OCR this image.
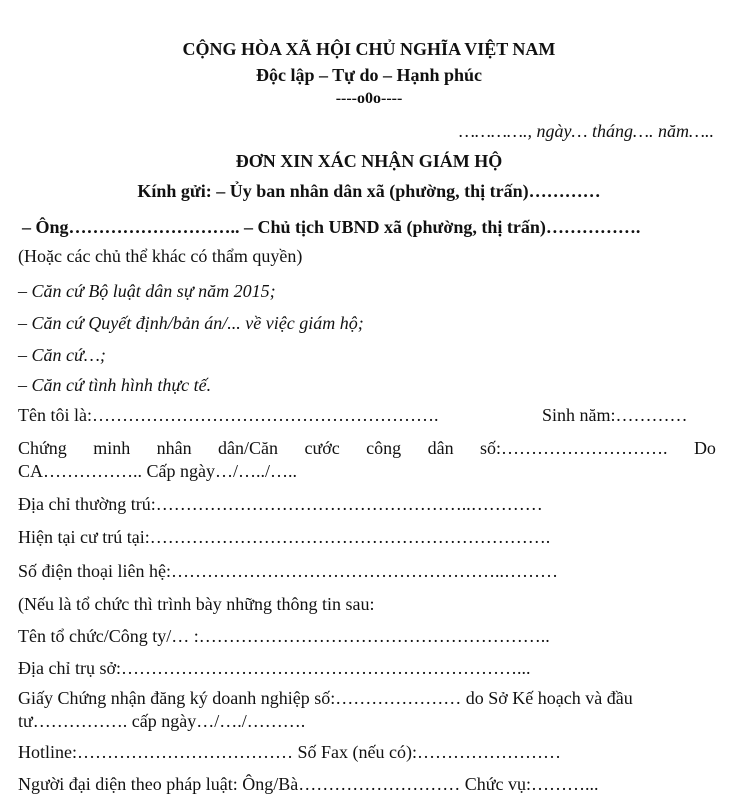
CỘNG HÒA XÃ HỘI CHỦ NGHĨA VIỆT NAM
Độc lập – Tự do – Hạnh phúc
----o0o----
…………., ngày… tháng…. năm…..
ĐƠN XIN XÁC NHẬN GIÁM HỘ
Kính gửi: – Ủy ban nhân dân xã (phường, thị trấn)…………
– Ông……………………….. – Chủ tịch UBND xã (phường, thị trấn)…………….
(Hoặc các chủ thể khác có thẩm quyền)
– Căn cứ Bộ luật dân sự năm 2015;
– Căn cứ Quyết định/bản án/... về việc giám hộ;
– Căn cứ…;
– Căn cứ tình hình thực tế.
Tên tôi là:………………………………………………….	Sinh năm:…………
Chứng minh nhân dân/Căn cước công dân số:………………………. Do
CA…………….. Cấp ngày…/…../…..
Địa chỉ thường trú:……………………………………………..…………
Hiện tại cư trú tại:………………………………………………………….
Số điện thoại liên hệ:………………………………………………..………
(Nếu là tổ chức thì trình bày những thông tin sau:
Tên tổ chức/Công ty/… :…………………………………………………..
Địa chỉ trụ sở:…………………………………………………………...
Giấy Chứng nhận đăng ký doanh nghiệp số:………………… do Sở Kế hoạch và đầu
tư……………. cấp ngày…/…./……….
Hotline:……………………………… Số Fax (nếu có):……………………
Người đại diện theo pháp luật: Ông/Bà……………………… Chức vụ:………...
